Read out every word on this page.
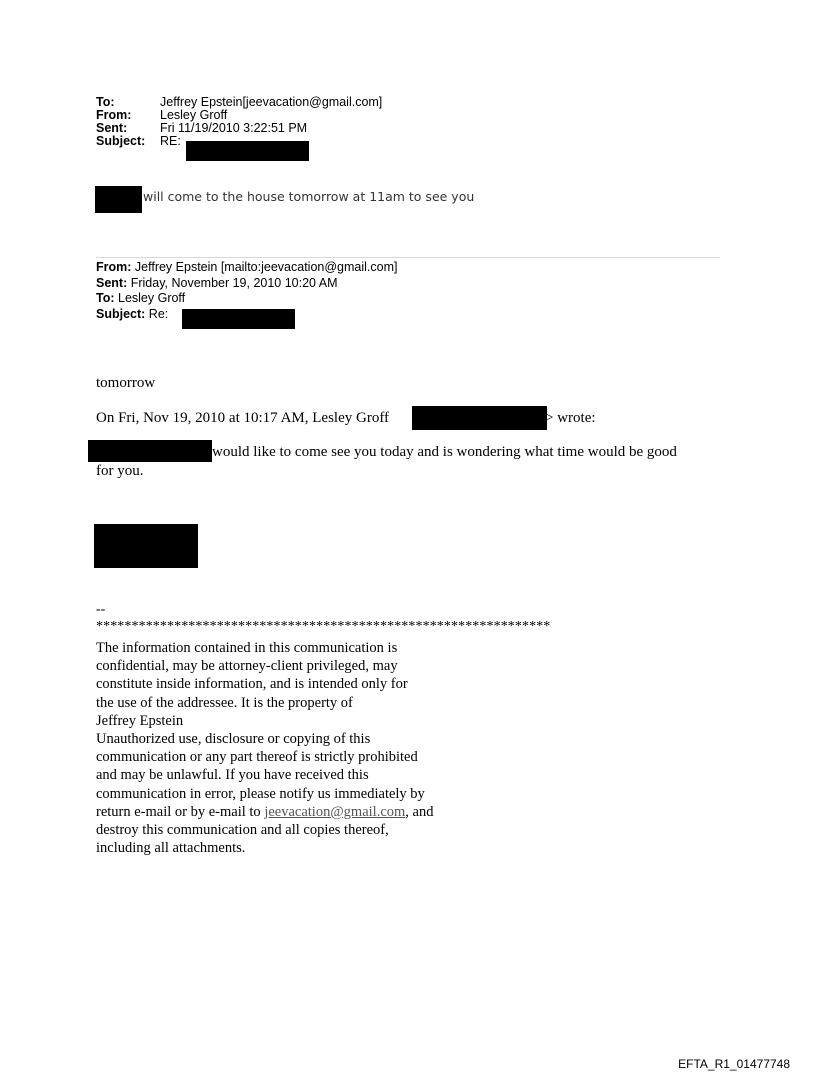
To:	Jeffrey Epstein[jeevacation@gmail.com]
From:	Lesley Groff
Sent:	Fri 11/19/2010 3:22:51 PM
Subject:	RE:
will come to the house tomorrow at 11am to see you
From: Jeffrey Epstein [mailto:jeevacation@gmail.com]
Sent: Friday, November 19, 2010 10:20 AM
To: Lesley Groff
Subject: Re:
tomorrow
On Fri, Nov 19, 2010 at 10:17 AM, Lesley Groff	> wrote:
would like to come see you today and is wondering what time would be good
for you.
--
****************************************************************
The information contained in this communication is
confidential, may be attorney-client privileged, may
constitute inside information, and is intended only for
the use of the addressee. It is the property of
Jeffrey Epstein
Unauthorized use, disclosure or copying of this
communication or any part thereof is strictly prohibited
and may be unlawful. If you have received this
communication in error, please notify us immediately by
return e-mail or by e-mail to jeevacation@gmail.com, and
destroy this communication and all copies thereof,
including all attachments.
EFTA_R1_01477748
